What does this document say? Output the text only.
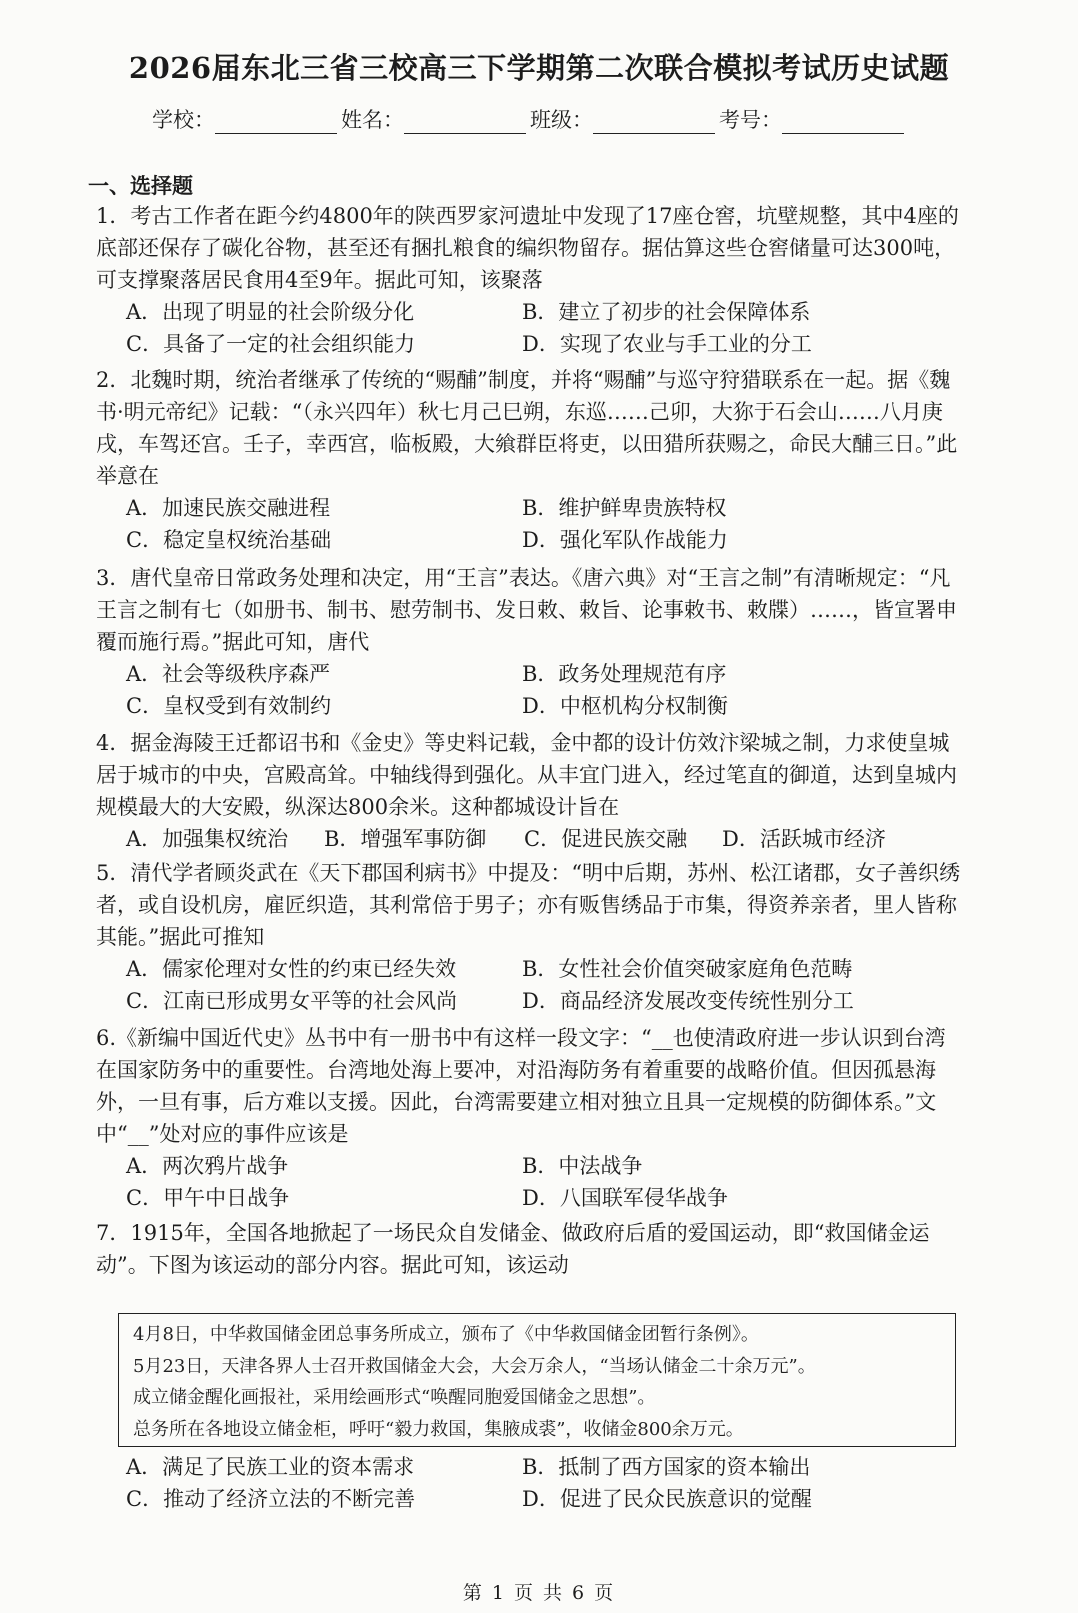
2026届东北三省三校高三下学期第二次联合模拟考试历史试题
学校：	姓名：	班级：	考号：
一、选择题
1．考古工作者在距今约4800年的陕西罗家河遗址中发现了17座仓窖，坑壁规整，其中4座的底部还保存了碳化谷物，甚至还有捆扎粮食的编织物留存。据估算这些仓窖储量可达300吨，可支撑聚落居民食用4至9年。据此可知，该聚落
A．出现了明显的社会阶级分化	B．建立了初步的社会保障体系
C．具备了一定的社会组织能力	D．实现了农业与手工业的分工
2．北魏时期，统治者继承了传统的“赐酺”制度，并将“赐酺”与巡守狩猎联系在一起。据《魏书·明元帝纪》记载：“（永兴四年）秋七月己巳朔，东巡……己卯，大狝于石会山……八月庚戌，车驾还宫。壬子，幸西宫，临板殿，大飨群臣将吏，以田猎所获赐之，命民大酺三日。”此举意在
A．加速民族交融进程	B．维护鲜卑贵族特权
C．稳定皇权统治基础	D．强化军队作战能力
3．唐代皇帝日常政务处理和决定，用“王言”表达。《唐六典》对“王言之制”有清晰规定：“凡王言之制有七（如册书、制书、慰劳制书、发日敕、敕旨、论事敕书、敕牒）……，皆宣署申覆而施行焉。”据此可知，唐代
A．社会等级秩序森严	B．政务处理规范有序
C．皇权受到有效制约	D．中枢机构分权制衡
4．据金海陵王迁都诏书和《金史》等史料记载，金中都的设计仿效汴梁城之制，力求使皇城居于城市的中央，宫殿高耸。中轴线得到强化。从丰宜门进入，经过笔直的御道，达到皇城内规模最大的大安殿，纵深达800余米。这种都城设计旨在
A．加强集权统治 B．增强军事防御 C．促进民族交融 D．活跃城市经济
5．清代学者顾炎武在《天下郡国利病书》中提及：“明中后期，苏州、松江诸郡，女子善织绣者，或自设机房，雇匠织造，其利常倍于男子；亦有贩售绣品于市集，得资养亲者，里人皆称其能。”据此可推知
A．儒家伦理对女性的约束已经失效	B．女性社会价值突破家庭角色范畴
C．江南已形成男女平等的社会风尚	D．商品经济发展改变传统性别分工
6.《新编中国近代史》丛书中有一册书中有这样一段文字：“__也使清政府进一步认识到台湾在国家防务中的重要性。台湾地处海上要冲，对沿海防务有着重要的战略价值。但因孤悬海外，一旦有事，后方难以支援。因此，台湾需要建立相对独立且具一定规模的防御体系。”文中“__”处对应的事件应该是
A．两次鸦片战争	B．中法战争
C．甲午中日战争	D．八国联军侵华战争
7．1915年，全国各地掀起了一场民众自发储金、做政府后盾的爱国运动，即“救国储金运动”。下图为该运动的部分内容。据此可知，该运动
4月8日，中华救国储金团总事务所成立，颁布了《中华救国储金团暂行条例》。
5月23日，天津各界人士召开救国储金大会，大会万余人，“当场认储金二十余万元”。
成立储金醒化画报社，采用绘画形式“唤醒同胞爱国储金之思想”。
总务所在各地设立储金柜，呼吁“毅力救国，集腋成裘”，收储金800余万元。
A．满足了民族工业的资本需求	B．抵制了西方国家的资本输出
C．推动了经济立法的不断完善	D．促进了民众民族意识的觉醒
第 1 页 共 6 页
